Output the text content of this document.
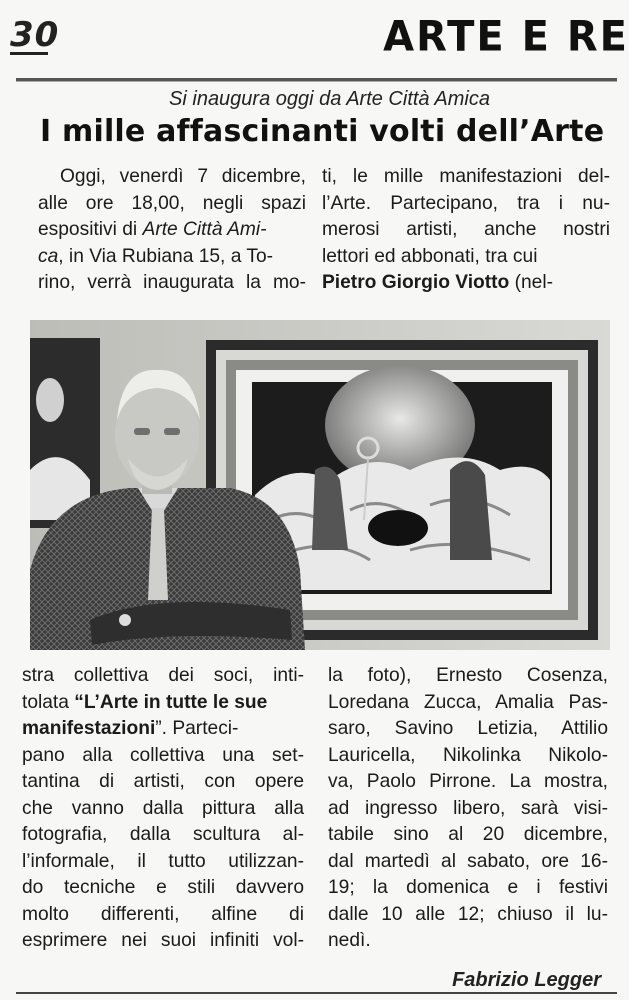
30	ARTE E RE
Si inaugura oggi da Arte Città Amica
I mille affascinanti volti dell’Arte
Oggi, venerdì 7 dicembre,
alle ore 18,00, negli spazi
espositivi di Arte Città Ami-
ca, in Via Rubiana 15, a To-
rino, verrà inaugurata la mo-
ti, le mille manifestazioni del-
l’Arte. Partecipano, tra i nu-
merosi artisti, anche nostri
lettori ed abbonati, tra cui
Pietro Giorgio Viotto (nel-
stra collettiva dei soci, inti-
tolata “L’Arte in tutte le sue
manifestazioni”. Parteci-
pano alla collettiva una set-
tantina di artisti, con opere
che vanno dalla pittura alla
fotografia, dalla scultura al-
l’informale, il tutto utilizzan-
do tecniche e stili davvero
molto differenti, alfine di
esprimere nei suoi infiniti vol-
la foto), Ernesto Cosenza,
Loredana Zucca, Amalia Pas-
saro, Savino Letizia, Attilio
Lauricella, Nikolinka Nikolo-
va, Paolo Pirrone. La mostra,
ad ingresso libero, sarà visi-
tabile sino al 20 dicembre,
dal martedì al sabato, ore 16-
19; la domenica e i festivi
dalle 10 alle 12; chiuso il lu-
nedì.
Fabrizio Legger
